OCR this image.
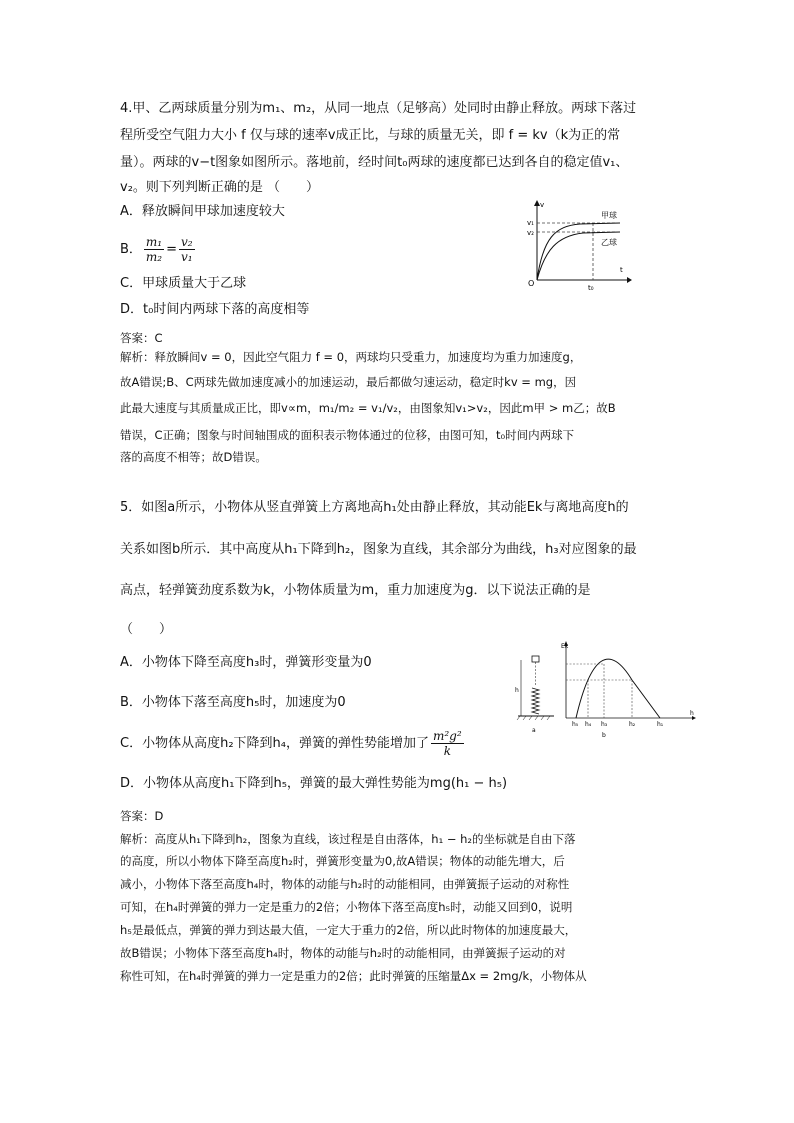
4.甲、乙两球质量分别为m₁、m₂，从同一地点（足够高）处同时由静止释放。两球下落过
程所受空气阻力大小 f 仅与球的速率v成正比，与球的质量无关，即 f = kv（k为正的常
量）。两球的v−t图象如图所示。落地前，经时间t₀两球的速度都已达到各自的稳定值v₁、
v₂。则下列判断正确的是 （　　）
A．释放瞬间甲球加速度较大
B． $\frac{\text{m₁}}{\text{m₂}} = \frac{\text{v₂}}{\text{v₁}}$
C．甲球质量大于乙球
D．t₀时间内两球下落的高度相等
v
t
v₁
v₂
t₀
O
甲球
乙球
答案：C
解析：释放瞬间v = 0，因此空气阻力 f = 0，两球均只受重力，加速度均为重力加速度g，
故A错误;B、C两球先做加速度减小的加速运动，最后都做匀速运动，稳定时kv = mg，因
此最大速度与其质量成正比，即v∝m，m₁/m₂ = v₁/v₂，由图象知v₁>v₂，因此m甲 > m乙；故B
错误，C正确；图象与时间轴围成的面积表示物体通过的位移，由图可知，t₀时间内两球下
落的高度不相等；故D错误。
5．如图a所示，小物体从竖直弹簧上方离地高h₁处由静止释放，其动能Ek与离地高度h的
关系如图b所示．其中高度从h₁下降到h₂，图象为直线，其余部分为曲线，h₃对应图象的最
高点，轻弹簧劲度系数为k，小物体质量为m，重力加速度为g．以下说法正确的是
（　　）
A．小物体下降至高度h₃时，弹簧形变量为0
B．小物体下落至高度h₅时，加速度为0
C．小物体从高度h₂下降到h₄，弹簧的弹性势能增加了 $\frac{\text{m²g²}}{k}$
D．小物体从高度h₁下降到h₅，弹簧的最大弹性势能为mg(h₁ − h₅)
h
a
Ek
h
h₅ h₄ h₃	h₂	h₁
b
答案：D
解析：高度从h₁下降到h₂，图象为直线，该过程是自由落体，h₁ − h₂的坐标就是自由下落
的高度，所以小物体下降至高度h₂时，弹簧形变量为0,故A错误；物体的动能先增大，后
减小，小物体下落至高度h₄时，物体的动能与h₂时的动能相同，由弹簧振子运动的对称性
可知，在h₄时弹簧的弹力一定是重力的2倍；小物体下落至高度h₅时，动能又回到0，说明
h₅是最低点，弹簧的弹力到达最大值，一定大于重力的2倍，所以此时物体的加速度最大，
故B错误；小物体下落至高度h₄时，物体的动能与h₂时的动能相同，由弹簧振子运动的对
称性可知，在h₄时弹簧的弹力一定是重力的2倍；此时弹簧的压缩量Δx = 2mg/k，小物体从
